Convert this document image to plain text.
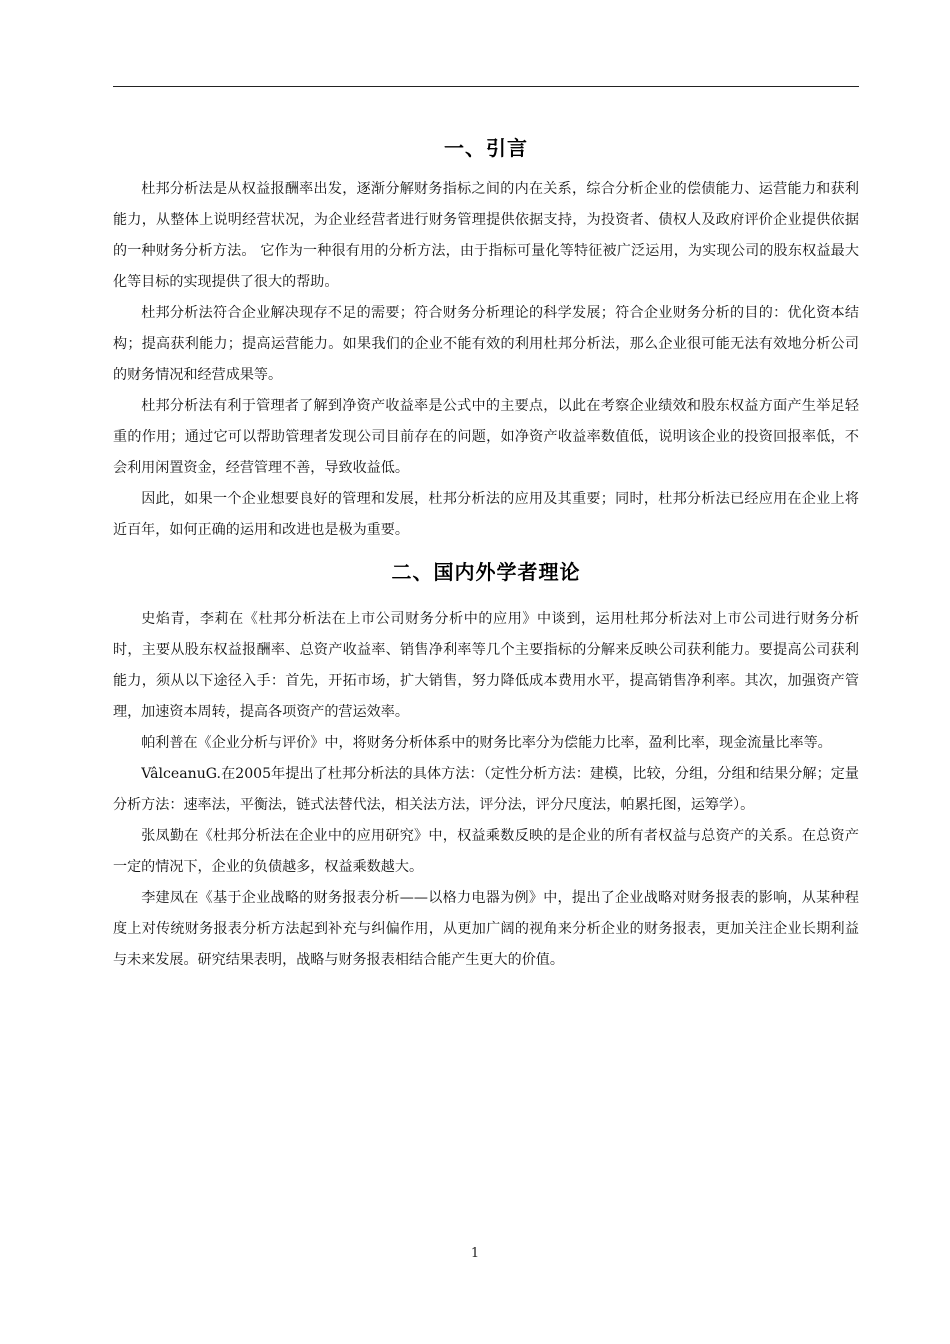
一、引言

杜邦分析法是从权益报酬率出发，逐渐分解财务指标之间的内在关系，综合分析企业的偿债能力、运营能力和获利能力，从整体上说明经营状况，为企业经营者进行财务管理提供依据支持，为投资者、债权人及政府评价企业提供依据的一种财务分析方法。 它作为一种很有用的分析方法，由于指标可量化等特征被广泛运用，为实现公司的股东权益最大化等目标的实现提供了很大的帮助。

杜邦分析法符合企业解决现存不足的需要；符合财务分析理论的科学发展；符合企业财务分析的目的：优化资本结构；提高获利能力；提高运营能力。如果我们的企业不能有效的利用杜邦分析法，那么企业很可能无法有效地分析公司的财务情况和经营成果等。

杜邦分析法有利于管理者了解到净资产收益率是公式中的主要点，以此在考察企业绩效和股东权益方面产生举足轻重的作用；通过它可以帮助管理者发现公司目前存在的问题，如净资产收益率数值低，说明该企业的投资回报率低，不会利用闲置资金，经营管理不善，导致收益低。

因此，如果一个企业想要良好的管理和发展，杜邦分析法的应用及其重要；同时，杜邦分析法已经应用在企业上将近百年，如何正确的运用和改进也是极为重要。

二、国内外学者理论

史焰青，李莉在《杜邦分析法在上市公司财务分析中的应用》中谈到，运用杜邦分析法对上市公司进行财务分析时，主要从股东权益报酬率、总资产收益率、销售净利率等几个主要指标的分解来反映公司获利能力。要提高公司获利能力，须从以下途径入手：首先，开拓市场，扩大销售，努力降低成本费用水平，提高销售净利率。其次，加强资产管理，加速资本周转，提高各项资产的营运效率。

帕利普在《企业分析与评价》中，将财务分析体系中的财务比率分为偿能力比率，盈利比率，现金流量比率等。

VâlceanuG.在2005年提出了杜邦分析法的具体方法：（定性分析方法：建模，比较，分组，分组和结果分解；定量分析方法：速率法，平衡法，链式法替代法，相关法方法，评分法，评分尺度法，帕累托图，运筹学）。

张凤勤在《杜邦分析法在企业中的应用研究》中，权益乘数反映的是企业的所有者权益与总资产的关系。在总资产一定的情况下，企业的负债越多，权益乘数越大。

李建凤在《基于企业战略的财务报表分析——以格力电器为例》中，提出了企业战略对财务报表的影响，从某种程度上对传统财务报表分析方法起到补充与纠偏作用，从更加广阔的视角来分析企业的财务报表，更加关注企业长期利益与未来发展。研究结果表明，战略与财务报表相结合能产生更大的价值。

1
